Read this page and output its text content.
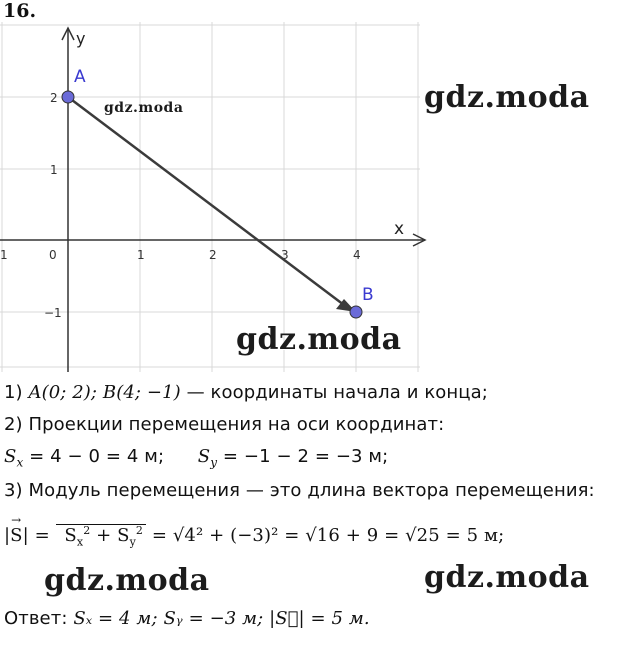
16.
x
y
1	0	1	2	3	4
2
1
−1
A
B
gdz.moda	gdz.moda
gdz.moda
gdz.moda	gdz.moda
1) A(0; 2); B(4; −1) — координаты начала и конца;
2) Проекции перемещения на оси координат:
$S_x = 4 - 0 = 4$ м; $S_y = -1 - 2 = -3$ м;
3) Модуль перемещения — это длина вектора перемещения:
|S
→
| =  $S_x^2 + S_y^2 = √4^2 + (-3)^2 = √16 + 9 = √25 = 5$ м;
Ответ: Sₓ = 4 м; Sᵧ = −3 м; |S⃗| = 5 м.
